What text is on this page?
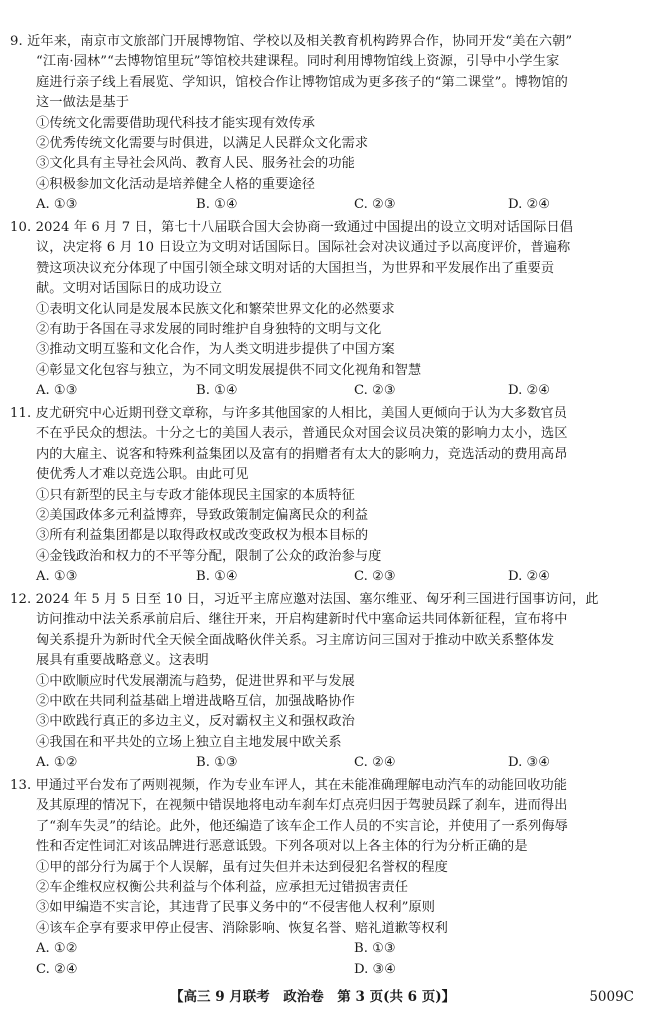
9. 近年来，南京市文旅部门开展博物馆、学校以及相关教育机构跨界合作，协同开发“美在六朝”
“江南·园林”“去博物馆里玩”等馆校共建课程。同时利用博物馆线上资源，引导中小学生家
庭进行亲子线上看展览、学知识，馆校合作让博物馆成为更多孩子的“第二课堂”。博物馆的
这一做法是基于
①传统文化需要借助现代科技才能实现有效传承
②优秀传统文化需要与时俱进，以满足人民群众文化需求
③文化具有主导社会风尚、教育人民、服务社会的功能
④积极参加文化活动是培养健全人格的重要途径
A. ①③	B. ①④	C. ②③	D. ②④
10. 2024 年 6 月 7 日，第七十八届联合国大会协商一致通过中国提出的设立文明对话国际日倡
议，决定将 6 月 10 日设立为文明对话国际日。国际社会对决议通过予以高度评价，普遍称
赞这项决议充分体现了中国引领全球文明对话的大国担当，为世界和平发展作出了重要贡
献。文明对话国际日的成功设立
①表明文化认同是发展本民族文化和繁荣世界文化的必然要求
②有助于各国在寻求发展的同时维护自身独特的文明与文化
③推动文明互鉴和文化合作，为人类文明进步提供了中国方案
④彰显文化包容与独立，为不同文明发展提供不同文化视角和智慧
A. ①③	B. ①④	C. ②③	D. ②④
11. 皮尤研究中心近期刊登文章称，与许多其他国家的人相比，美国人更倾向于认为大多数官员
不在乎民众的想法。十分之七的美国人表示，普通民众对国会议员决策的影响力太小，选区
内的大雇主、说客和特殊利益集团以及富有的捐赠者有太大的影响力，竞选活动的费用高昂
使优秀人才难以竞选公职。由此可见
①只有新型的民主与专政才能体现民主国家的本质特征
②美国政体多元利益博弈，导致政策制定偏离民众的利益
③所有利益集团都是以取得政权或改变政权为根本目标的
④金钱政治和权力的不平等分配，限制了公众的政治参与度
A. ①③	B. ①④	C. ②③	D. ②④
12. 2024 年 5 月 5 日至 10 日，习近平主席应邀对法国、塞尔维亚、匈牙利三国进行国事访问，此
访问推动中法关系承前启后、继往开来，开启构建新时代中塞命运共同体新征程，宣布将中
匈关系提升为新时代全天候全面战略伙伴关系。习主席访问三国对于推动中欧关系整体发
展具有重要战略意义。这表明
①中欧顺应时代发展潮流与趋势，促进世界和平与发展
②中欧在共同利益基础上增进战略互信，加强战略协作
③中欧践行真正的多边主义，反对霸权主义和强权政治
④我国在和平共处的立场上独立自主地发展中欧关系
A. ①②	B. ①③	C. ②④	D. ③④
13. 甲通过平台发布了两则视频，作为专业车评人，其在未能准确理解电动汽车的动能回收功能
及其原理的情况下，在视频中错误地将电动车刹车灯点亮归因于驾驶员踩了刹车，进而得出
了“刹车失灵”的结论。此外，他还编造了该车企工作人员的不实言论，并使用了一系列侮辱
性和否定性词汇对该品牌进行恶意诋毁。下列各项对以上各主体的行为分析正确的是
①甲的部分行为属于个人误解，虽有过失但并未达到侵犯名誉权的程度
②车企维权应权衡公共利益与个体利益，应承担无过错损害责任
③如甲编造不实言论，其违背了民事义务中的“不侵害他人权利”原则
④该车企享有要求甲停止侵害、消除影响、恢复名誉、赔礼道歉等权利
A. ①②	B. ①③
C. ②④	D. ③④
【高三 9 月联考　政治卷　第 3 页(共 6 页)】	5009C
